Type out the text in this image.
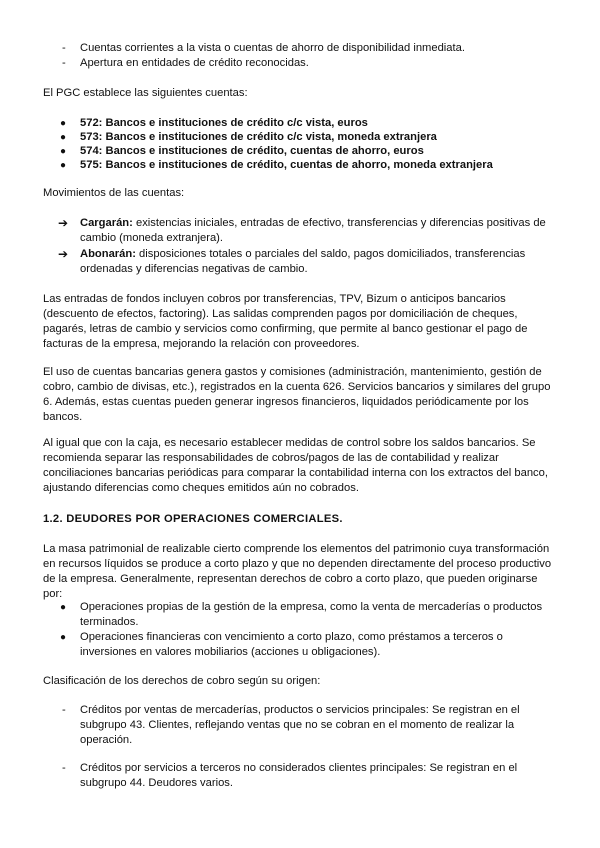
-	Cuentas corrientes a la vista o cuentas de ahorro de disponibilidad inmediata.

-	Apertura en entidades de crédito reconocidas.

El PGC establece las siguientes cuentas:

●	572: Bancos e instituciones de crédito c/c vista, euros

●	573: Bancos e instituciones de crédito c/c vista, moneda extranjera

●	574: Bancos e instituciones de crédito, cuentas de ahorro, euros

●	575: Bancos e instituciones de crédito, cuentas de ahorro, moneda extranjera

Movimientos de las cuentas:

➔ Cargarán: existencias iniciales, entradas de efectivo, transferencias y diferencias positivas de cambio (moneda extranjera).

➔ Abonarán: disposiciones totales o parciales del saldo, pagos domiciliados, transferencias ordenadas y diferencias negativas de cambio.

Las entradas de fondos incluyen cobros por transferencias, TPV, Bizum o anticipos bancarios (descuento de efectos, factoring). Las salidas comprenden pagos por domiciliación de cheques, pagarés, letras de cambio y servicios como confirming, que permite al banco gestionar el pago de facturas de la empresa, mejorando la relación con proveedores.

El uso de cuentas bancarias genera gastos y comisiones (administración, mantenimiento, gestión de cobro, cambio de divisas, etc.), registrados en la cuenta 626. Servicios bancarios y similares del grupo 6. Además, estas cuentas pueden generar ingresos financieros, liquidados periódicamente por los bancos.

Al igual que con la caja, es necesario establecer medidas de control sobre los saldos bancarios. Se recomienda separar las responsabilidades de cobros/pagos de las de contabilidad y realizar conciliaciones bancarias periódicas para comparar la contabilidad interna con los extractos del banco, ajustando diferencias como cheques emitidos aún no cobrados.

1.2. DEUDORES POR OPERACIONES COMERCIALES.

La masa patrimonial de realizable cierto comprende los elementos del patrimonio cuya transformación en recursos líquidos se produce a corto plazo y que no dependen directamente del proceso productivo de la empresa. Generalmente, representan derechos de cobro a corto plazo, que pueden originarse por:

●	Operaciones propias de la gestión de la empresa, como la venta de mercaderías o productos terminados.

●	Operaciones financieras con vencimiento a corto plazo, como préstamos a terceros o inversiones en valores mobiliarios (acciones u obligaciones).

Clasificación de los derechos de cobro según su origen:

-	Créditos por ventas de mercaderías, productos o servicios principales: Se registran en el subgrupo 43. Clientes, reflejando ventas que no se cobran en el momento de realizar la operación.

-	Créditos por servicios a terceros no considerados clientes principales: Se registran en el subgrupo 44. Deudores varios.
